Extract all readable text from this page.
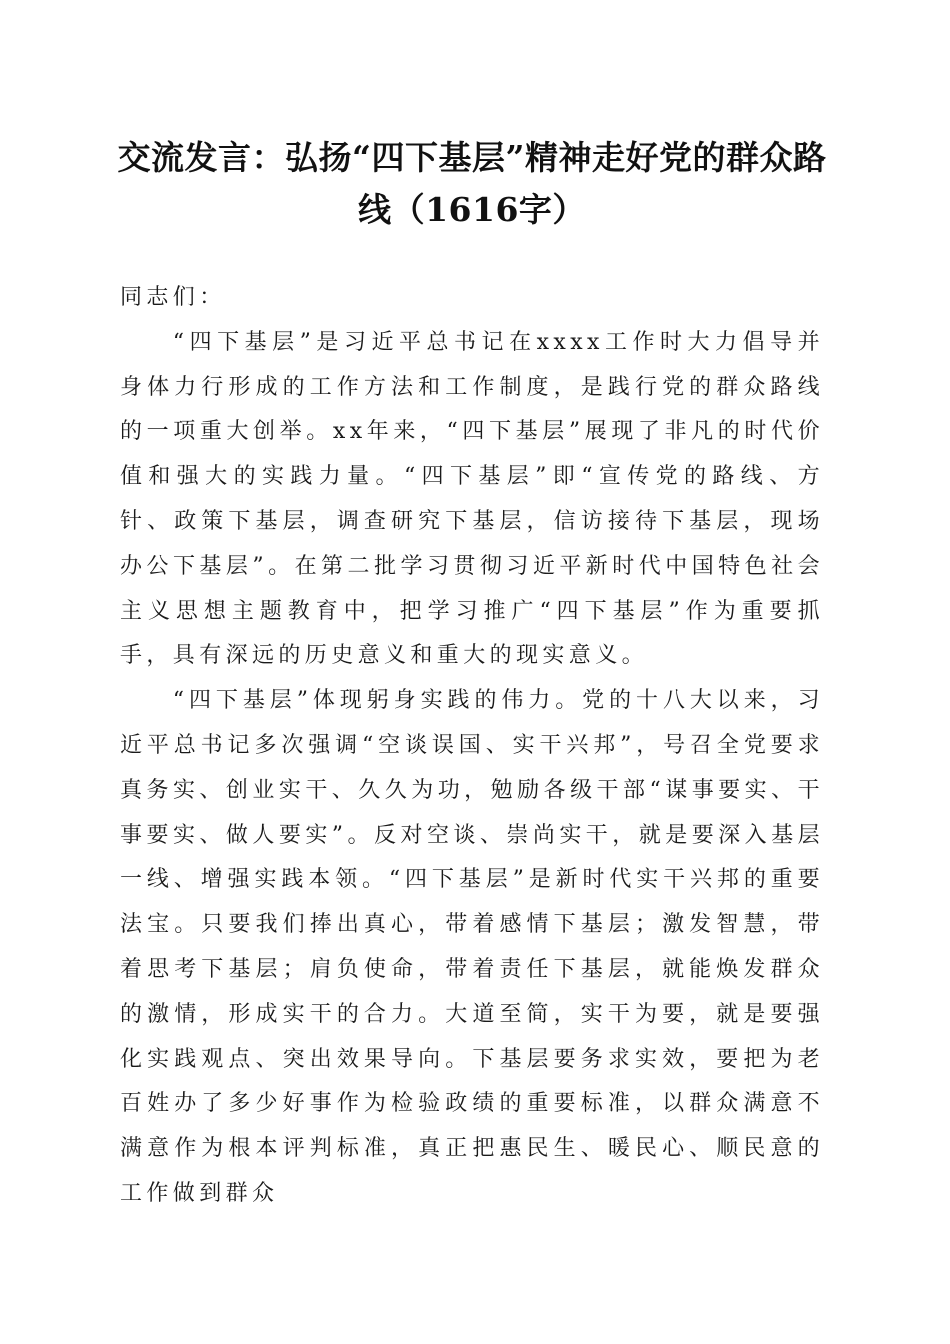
交流发言：弘扬“四下基层”精神走好党的群众路线（1616字）

同志们：

“四下基层”是习近平总书记在xxxx工作时大力倡导并身体力行形成的工作方法和工作制度，是践行党的群众路线的一项重大创举。xx年来，“四下基层”展现了非凡的时代价值和强大的实践力量。“四下基层”即“宣传党的路线、方针、政策下基层，调查研究下基层，信访接待下基层，现场办公下基层”。在第二批学习贯彻习近平新时代中国特色社会主义思想主题教育中，把学习推广“四下基层”作为重要抓手，具有深远的历史意义和重大的现实意义。

“四下基层”体现躬身实践的伟力。党的十八大以来，习近平总书记多次强调“空谈误国、实干兴邦”，号召全党要求真务实、创业实干、久久为功，勉励各级干部“谋事要实、干事要实、做人要实”。反对空谈、崇尚实干，就是要深入基层一线、增强实践本领。“四下基层”是新时代实干兴邦的重要法宝。只要我们捧出真心，带着感情下基层；激发智慧，带着思考下基层；肩负使命，带着责任下基层，就能焕发群众的激情，形成实干的合力。大道至简，实干为要，就是要强化实践观点、突出效果导向。下基层要务求实效，要把为老百姓办了多少好事作为检验政绩的重要标准，以群众满意不满意作为根本评判标准，真正把惠民生、暖民心、顺民意的工作做到群众
